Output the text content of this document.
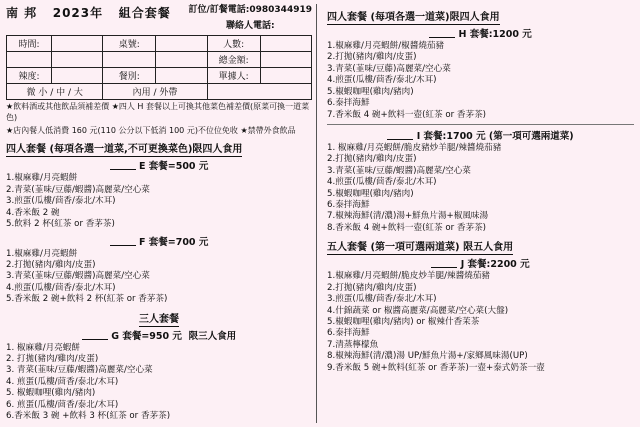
南 邦 2023年 組合套餐 訂位/訂餐電話:0980344919
聯絡人電話:
時間:		桌號:		人數:	
				總金額:	
辣度:		餐別:		單據人:	
微 小 / 中 / 大		內用 / 外帶			
★飲料酒或其他飲品須補差價 ★四人 H 套餐以上可換其他菜色補差價(原菜可換一道菜色)
★店內餐人低消費 160 元(110 公分以下低消 100 元)不位位免收 ★禁帶外食飲品
四人套餐 (每項各選一道菜,不可更換菜色)限四人食用
E 套餐=500 元
1.椒麻雞/月亮蝦餅
2.青菜(韮味/豆藤/蝦醬)高麗菜/空心菜
3.煎蛋(瓜樓/茴香/泰北/木耳)
4.香米飯 2 碗
5.飲料 2 杯(紅茶 or 香茅茶)
F 套餐=700 元
1.椒麻雞/月亮蝦餅
2.打拋(豬肉/雞肉/皮蛋)
3.青菜(韮味/豆藤/蝦醬)高麗菜/空心菜
4.煎蛋(瓜樓/茴香/泰北/木耳)
5.香米飯 2 碗+飲料 2 杯(紅茶 or 香茅茶)
三人套餐
G 套餐=950 元 限三人食用
1. 椒麻雞/月亮蝦餅
2. 打拋(豬肉/雞肉/皮蛋)
3. 青菜(韮味/豆藤/蝦醬)高麗菜/空心菜
4. 煎蛋(瓜樓/茴香/泰北/木耳)
5. 椒蝦咖哩(雞肉/豬肉)
6. 煎蛋(瓜樓/茴香/泰北/木耳)
6.香米飯 3 碗 +飲料 3 杯(紅茶 or 香茅茶)
四人套餐 (每項各選一道菜)限四人食用
H 套餐:1200 元
1.椒麻雞/月亮蝦餅/椒醬燒茄豬
2.打拋(豬肉/雞肉/皮蛋)
3.青菜(韮味/豆藤)高麗菜/空心菜
4.煎蛋(瓜樓/茴香/泰北/木耳)
5.椒蝦咖哩(雞肉/豬肉)
6.泰拌海鮮
7.香米飯 4 碗+飲料一壺(紅茶 or 香茅茶)
I 套餐:1700 元 (第一項可選兩道菜)
1. 椒麻雞/月亮蝦餅/脆皮豬炒羊腿/辣醬燒茄豬
2.打拋(豬肉/雞肉/皮蛋)
3.青菜(韮味/豆藤/蝦醬)高麗菜/空心菜
4.煎蛋(瓜樓/茴香/泰北/木耳)
5.椒蝦咖哩(雞肉/豬肉)
6.泰拌海鮮
7.椒辣海鮮(清/濃)湯+鮮魚片湯+椒風味湯
8.香米飯 4 碗+飲料一壺(紅茶 or 香茅茶)
五人套餐 (第一項可選兩道菜) 限五人食用
J 套餐:2200 元
1.椒麻雞/月亮蝦餅/脆皮炒羊腿/辣醬燒茄豬
2.打拋(豬肉/雞肉/皮蛋)
3.煎蛋(瓜樓/茴香/泰北/木耳)
4.什錦蔬菜 or 椒醬高麗菜/高麗菜/空心菜(大盤)
5.椒蝦咖哩(雞肉/豬肉) or 椒辣什香茉茶
6.泰拌海鮮
7.清蒸檸檬魚
8.椒辣海鮮(清/濃)湯 UP/鮮魚片湯+/家鄉風味湯(UP)
9.香米飯 5 碗+飲料(紅茶 or 香茅茶)一壺+泰式奶茶一壺
